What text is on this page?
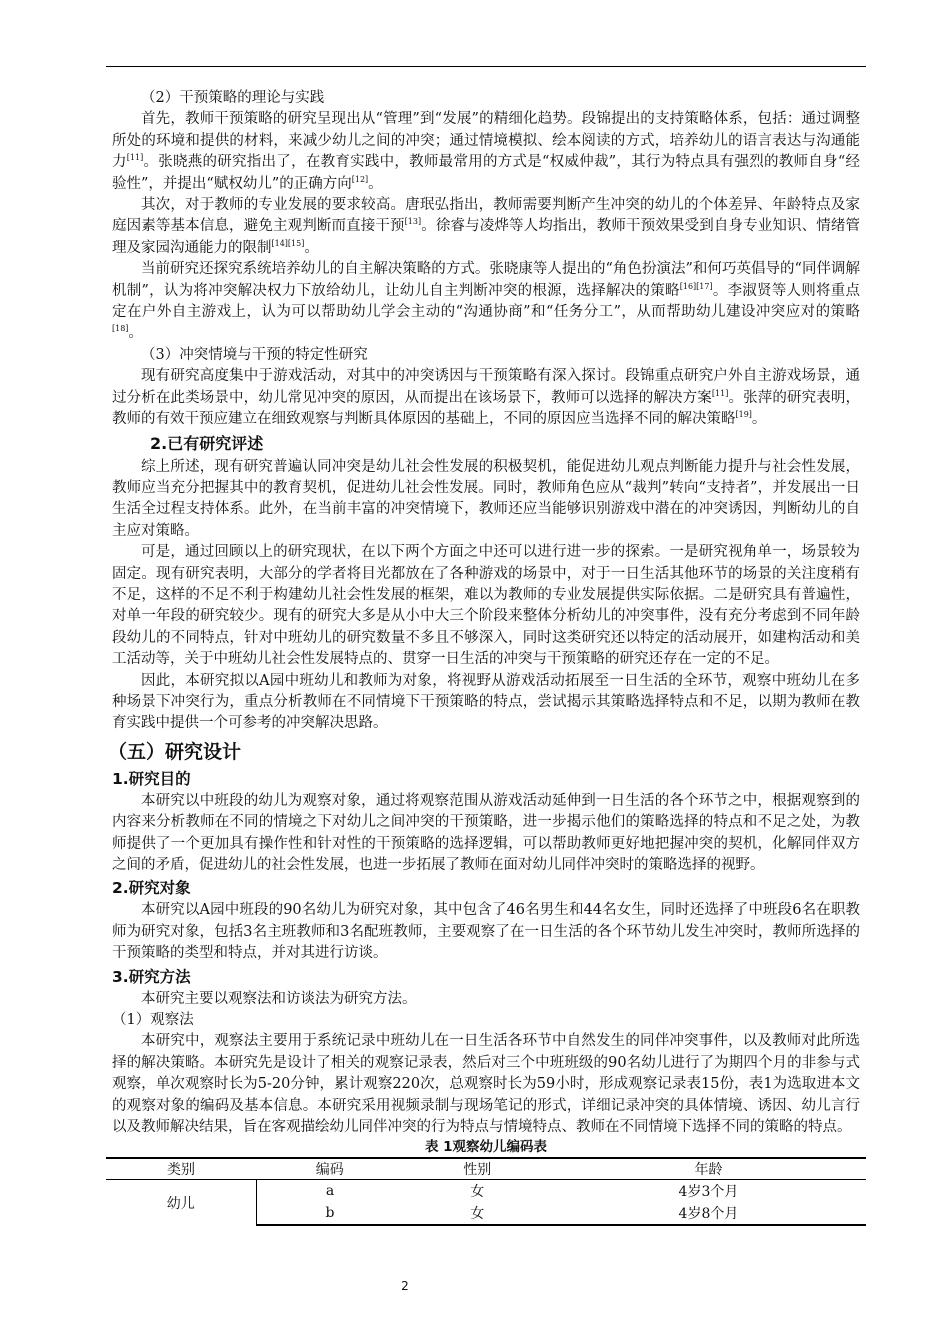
（2）干预策略的理论与实践

首先，教师干预策略的研究呈现出从“管理”到“发展”的精细化趋势。段锦提出的支持策略体系，包括：通过调整所处的环境和提供的材料，来减少幼儿之间的冲突；通过情境模拟、绘本阅读的方式，培养幼儿的语言表达与沟通能力[11]。张晓燕的研究指出了，在教育实践中，教师最常用的方式是“权威仲裁”，其行为特点具有强烈的教师自身“经验性”，并提出“赋权幼儿”的正确方向[12]。

其次，对于教师的专业发展的要求较高。唐珉弘指出，教师需要判断产生冲突的幼儿的个体差异、年龄特点及家庭因素等基本信息，避免主观判断而直接干预[13]。徐睿与凌烨等人均指出，教师干预效果受到自身专业知识、情绪管理及家园沟通能力的限制[14][15]。

当前研究还探究系统培养幼儿的自主解决策略的方式。张晓康等人提出的“角色扮演法”和何巧英倡导的“同伴调解机制”，认为将冲突解决权力下放给幼儿，让幼儿自主判断冲突的根源，选择解决的策略[16][17]。李淑贤等人则将重点定在户外自主游戏上，认为可以帮助幼儿学会主动的“沟通协商”和“任务分工”，从而帮助幼儿建设冲突应对的策略[18]。

（3）冲突情境与干预的特定性研究

现有研究高度集中于游戏活动，对其中的冲突诱因与干预策略有深入探讨。段锦重点研究户外自主游戏场景，通过分析在此类场景中，幼儿常见冲突的原因，从而提出在该场景下，教师可以选择的解决方案[11]。张萍的研究表明，教师的有效干预应建立在细致观察与判断具体原因的基础上，不同的原因应当选择不同的解决策略[19]。

2.已有研究评述

综上所述，现有研究普遍认同冲突是幼儿社会性发展的积极契机，能促进幼儿观点判断能力提升与社会性发展，教师应当充分把握其中的教育契机，促进幼儿社会性发展。同时，教师角色应从“裁判”转向“支持者”，并发展出一日生活全过程支持体系。此外，在当前丰富的冲突情境下，教师还应当能够识别游戏中潜在的冲突诱因，判断幼儿的自主应对策略。

可是，通过回顾以上的研究现状，在以下两个方面之中还可以进行进一步的探索。一是研究视角单一，场景较为固定。现有研究表明，大部分的学者将目光都放在了各种游戏的场景中，对于一日生活其他环节的场景的关注度稍有不足，这样的不足不利于构建幼儿社会性发展的框架，难以为教师的专业发展提供实际依据。二是研究具有普遍性，对单一年段的研究较少。现有的研究大多是从小中大三个阶段来整体分析幼儿的冲突事件，没有充分考虑到不同年龄段幼儿的不同特点，针对中班幼儿的研究数量不多且不够深入，同时这类研究还以特定的活动展开，如建构活动和美工活动等，关于中班幼儿社会性发展特点的、贯穿一日生活的冲突与干预策略的研究还存在一定的不足。

因此，本研究拟以A园中班幼儿和教师为对象，将视野从游戏活动拓展至一日生活的全环节，观察中班幼儿在多种场景下冲突行为，重点分析教师在不同情境下干预策略的特点，尝试揭示其策略选择特点和不足，以期为教师在教育实践中提供一个可参考的冲突解决思路。

（五）研究设计
1.研究目的

本研究以中班段的幼儿为观察对象，通过将观察范围从游戏活动延伸到一日生活的各个环节之中，根据观察到的内容来分析教师在不同的情境之下对幼儿之间冲突的干预策略，进一步揭示他们的策略选择的特点和不足之处，为教师提供了一个更加具有操作性和针对性的干预策略的选择逻辑，可以帮助教师更好地把握冲突的契机，化解同伴双方之间的矛盾，促进幼儿的社会性发展，也进一步拓展了教师在面对幼儿同伴冲突时的策略选择的视野。

2.研究对象

本研究以A园中班段的90名幼儿为研究对象，其中包含了46名男生和44名女生，同时还选择了中班段6名在职教师为研究对象，包括3名主班教师和3名配班教师，主要观察了在一日生活的各个环节幼儿发生冲突时，教师所选择的干预策略的类型和特点，并对其进行访谈。

3.研究方法

本研究主要以观察法和访谈法为研究方法。

（1）观察法

本研究中，观察法主要用于系统记录中班幼儿在一日生活各环节中自然发生的同伴冲突事件，以及教师对此所选择的解决策略。本研究先是设计了相关的观察记录表，然后对三个中班班级的90名幼儿进行了为期四个月的非参与式观察，单次观察时长为5-20分钟，累计观察220次，总观察时长为59小时，形成观察记录表15份，表1为选取进本文的观察对象的编码及基本信息。本研究采用视频录制与现场笔记的形式，详细记录冲突的具体情境、诱因、幼儿言行以及教师解决结果，旨在客观描绘幼儿同伴冲突的行为特点与情境特点、教师在不同情境下选择不同的策略的特点。

表 1观察幼儿编码表
类别	编码	性别	年龄
幼儿	a	女	4岁3个月
	b	女	4岁8个月
2
